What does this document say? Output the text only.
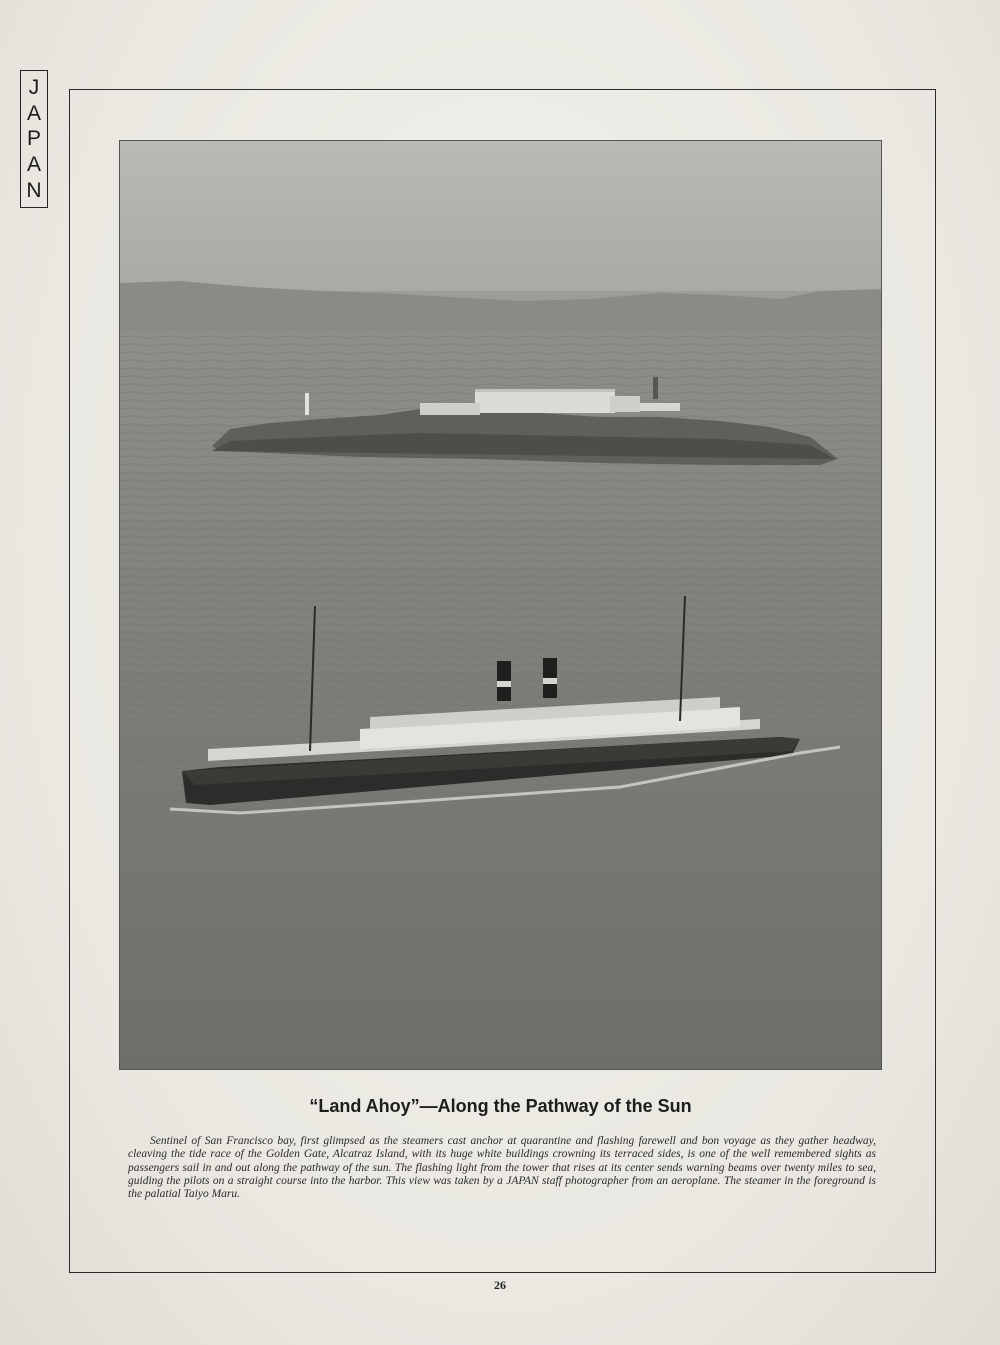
J
A
P
A
N
“Land Ahoy”—Along the Pathway of the Sun
Sentinel of San Francisco bay, first glimpsed as the steamers cast anchor at quarantine and flashing farewell and bon voyage as they gather headway, cleaving the tide race of the Golden Gate, Alcatraz Island, with its huge white buildings crowning its terraced sides, is one of the well remembered sights as passengers sail in and out along the pathway of the sun. The flashing light from the tower that rises at its center sends warning beams over twenty miles to sea, guiding the pilots on a straight course into the harbor. This view was taken by a JAPAN staff photographer from an aeroplane. The steamer in the foreground is the palatial Taiyo Maru.
26
